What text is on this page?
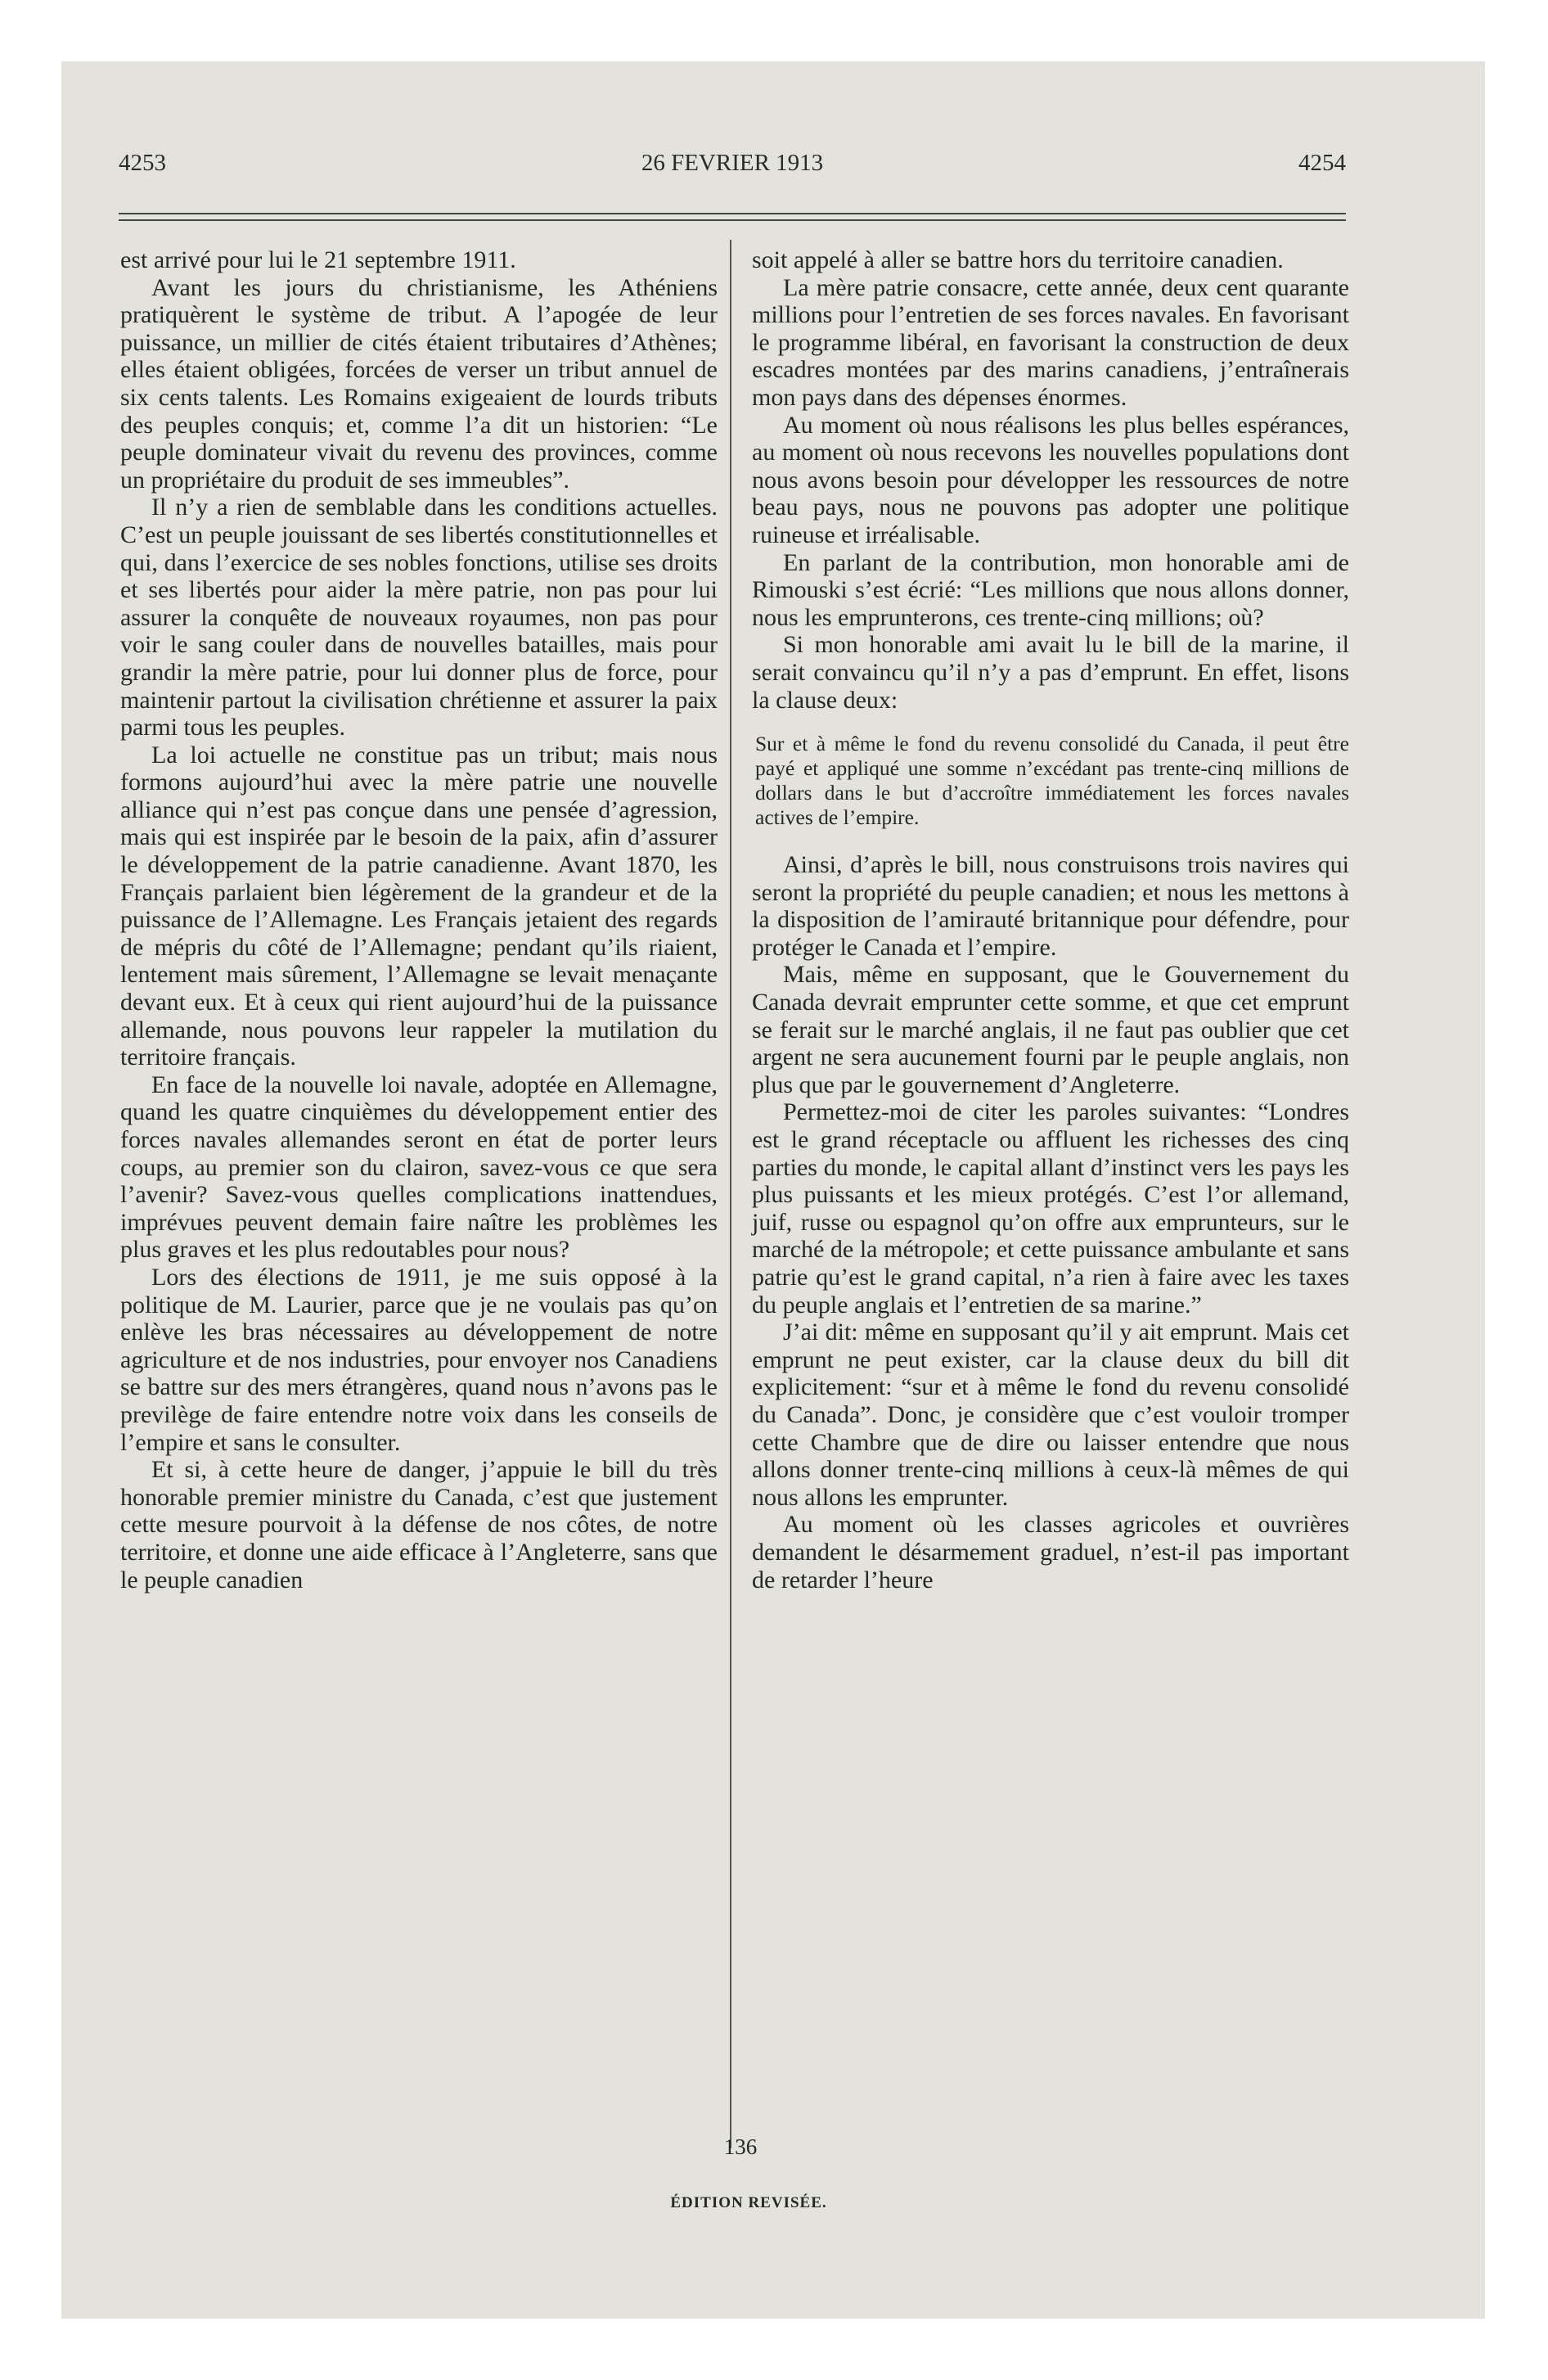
4253	26 FEVRIER 1913	4254

est arrivé pour lui le 21 septembre 1911.

Avant les jours du christianisme, les Athéniens pratiquèrent le système de tribut. A l’apogée de leur puissance, un millier de cités étaient tributaires d’Athènes; elles étaient obligées, forcées de verser un tribut annuel de six cents talents. Les Romains exigeaient de lourds tributs des peuples conquis; et, comme l’a dit un historien: “Le peuple dominateur vivait du revenu des provinces, comme un propriétaire du produit de ses immeubles”.

Il n’y a rien de semblable dans les conditions actuelles. C’est un peuple jouissant de ses libertés constitutionnelles et qui, dans l’exercice de ses nobles fonctions, utilise ses droits et ses libertés pour aider la mère patrie, non pas pour lui assurer la conquête de nouveaux royaumes, non pas pour voir le sang couler dans de nouvelles batailles, mais pour grandir la mère patrie, pour lui donner plus de force, pour maintenir partout la civilisation chrétienne et assurer la paix parmi tous les peuples.

La loi actuelle ne constitue pas un tribut; mais nous formons aujourd’hui avec la mère patrie une nouvelle alliance qui n’est pas conçue dans une pensée d’agression, mais qui est inspirée par le besoin de la paix, afin d’assurer le développement de la patrie canadienne. Avant 1870, les Français parlaient bien légèrement de la grandeur et de la puissance de l’Allemagne. Les Français jetaient des regards de mépris du côté de l’Allemagne; pendant qu’ils riaient, lentement mais sûrement, l’Allemagne se levait menaçante devant eux. Et à ceux qui rient aujourd’hui de la puissance allemande, nous pouvons leur rappeler la mutilation du territoire français.

En face de la nouvelle loi navale, adoptée en Allemagne, quand les quatre cinquièmes du développement entier des forces navales allemandes seront en état de porter leurs coups, au premier son du clairon, savez-vous ce que sera l’avenir? Savez-vous quelles complications inattendues, imprévues peuvent demain faire naître les problèmes les plus graves et les plus redoutables pour nous?

Lors des élections de 1911, je me suis opposé à la politique de M. Laurier, parce que je ne voulais pas qu’on enlève les bras nécessaires au développement de notre agriculture et de nos industries, pour envoyer nos Canadiens se battre sur des mers étrangères, quand nous n’avons pas le previlège de faire entendre notre voix dans les conseils de l’empire et sans le consulter.

Et si, à cette heure de danger, j’appuie le bill du très honorable premier ministre du Canada, c’est que justement cette mesure pourvoit à la défense de nos côtes, de notre territoire, et donne une aide efficace à l’Angleterre, sans que le peuple canadien

soit appelé à aller se battre hors du territoire canadien.

La mère patrie consacre, cette année, deux cent quarante millions pour l’entretien de ses forces navales. En favorisant le programme libéral, en favorisant la construction de deux escadres montées par des marins canadiens, j’entraînerais mon pays dans des dépenses énormes.

Au moment où nous réalisons les plus belles espérances, au moment où nous recevons les nouvelles populations dont nous avons besoin pour développer les ressources de notre beau pays, nous ne pouvons pas adopter une politique ruineuse et irréalisable.

En parlant de la contribution, mon honorable ami de Rimouski s’est écrié: “Les millions que nous allons donner, nous les emprunterons, ces trente-cinq millions; où?

Si mon honorable ami avait lu le bill de la marine, il serait convaincu qu’il n’y a pas d’emprunt. En effet, lisons la clause deux:

Sur et à même le fond du revenu consolidé du Canada, il peut être payé et appliqué une somme n’excédant pas trente-cinq millions de dollars dans le but d’accroître immédiatement les forces navales actives de l’empire.

Ainsi, d’après le bill, nous construisons trois navires qui seront la propriété du peuple canadien; et nous les mettons à la disposition de l’amirauté britannique pour défendre, pour protéger le Canada et l’empire.

Mais, même en supposant, que le Gouvernement du Canada devrait emprunter cette somme, et que cet emprunt se ferait sur le marché anglais, il ne faut pas oublier que cet argent ne sera aucunement fourni par le peuple anglais, non plus que par le gouvernement d’Angleterre.

Permettez-moi de citer les paroles suivantes: “Londres est le grand réceptacle ou affluent les richesses des cinq parties du monde, le capital allant d’instinct vers les pays les plus puissants et les mieux protégés. C’est l’or allemand, juif, russe ou espagnol qu’on offre aux emprunteurs, sur le marché de la métropole; et cette puissance ambulante et sans patrie qu’est le grand capital, n’a rien à faire avec les taxes du peuple anglais et l’entretien de sa marine.”

J’ai dit: même en supposant qu’il y ait emprunt. Mais cet emprunt ne peut exister, car la clause deux du bill dit explicitement: “sur et à même le fond du revenu consolidé du Canada”. Donc, je considère que c’est vouloir tromper cette Chambre que de dire ou laisser entendre que nous allons donner trente-cinq millions à ceux-là mêmes de qui nous allons les emprunter.

Au moment où les classes agricoles et ouvrières demandent le désarmement graduel, n’est-il pas important de retarder l’heure

136
ÉDITION REVISÉE.
